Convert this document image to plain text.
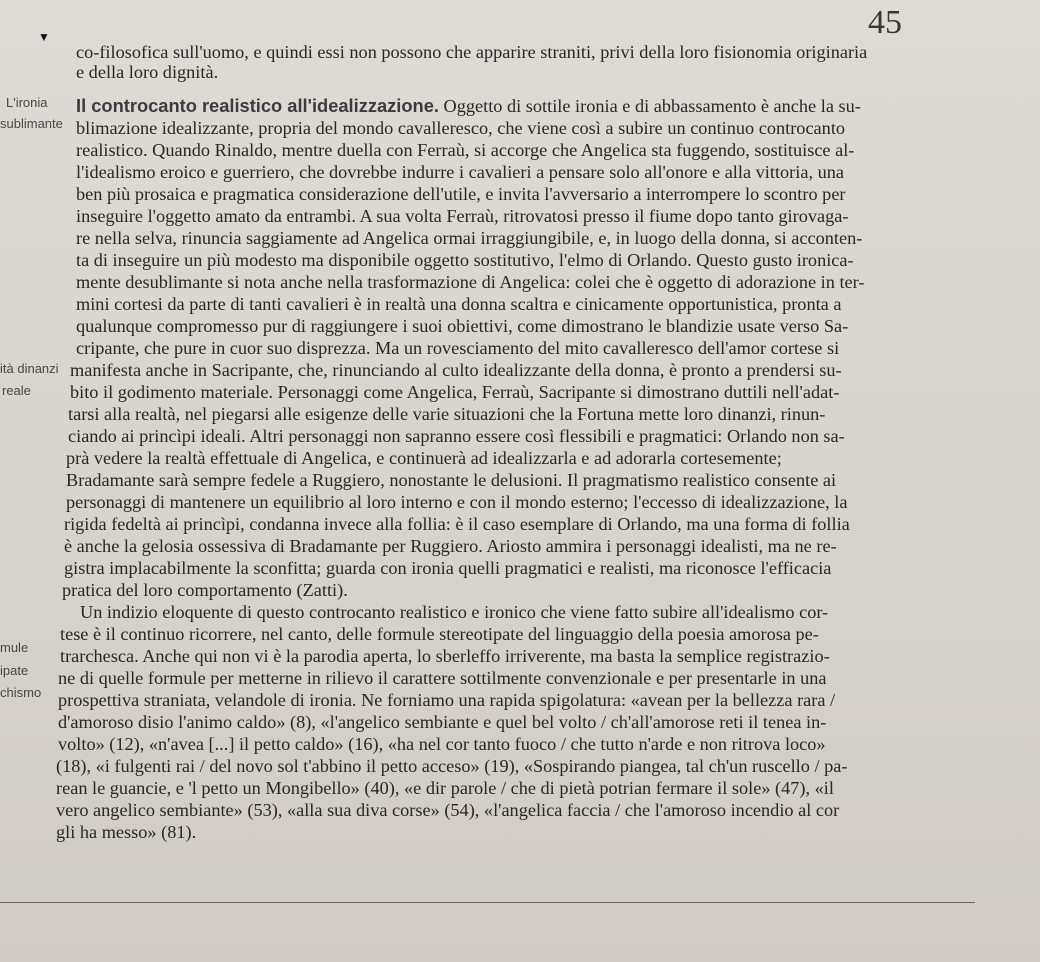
45
▼
L'ironia
sublimante
ità dinanzi
reale
mule
ipate
chismo
co-filosofica sull'uomo, e quindi essi non possono che apparire straniti, privi della loro fisionomia originaria
e della loro dignità.
Il controcanto realistico all'idealizzazione. Oggetto di sottile ironia e di abbassamento è anche la su-
blimazione idealizzante, propria del mondo cavalleresco, che viene così a subire un continuo controcanto
realistico. Quando Rinaldo, mentre duella con Ferraù, si accorge che Angelica sta fuggendo, sostituisce al-
l'idealismo eroico e guerriero, che dovrebbe indurre i cavalieri a pensare solo all'onore e alla vittoria, una
ben più prosaica e pragmatica considerazione dell'utile, e invita l'avversario a interrompere lo scontro per
inseguire l'oggetto amato da entrambi. A sua volta Ferraù, ritrovatosi presso il fiume dopo tanto girovaga-
re nella selva, rinuncia saggiamente ad Angelica ormai irraggiungibile, e, in luogo della donna, si acconten-
ta di inseguire un più modesto ma disponibile oggetto sostitutivo, l'elmo di Orlando. Questo gusto ironica-
mente desublimante si nota anche nella trasformazione di Angelica: colei che è oggetto di adorazione in ter-
mini cortesi da parte di tanti cavalieri è in realtà una donna scaltra e cinicamente opportunistica, pronta a
qualunque compromesso pur di raggiungere i suoi obiettivi, come dimostrano le blandizie usate verso Sa-
cripante, che pure in cuor suo disprezza. Ma un rovesciamento del mito cavalleresco dell'amor cortese si
manifesta anche in Sacripante, che, rinunciando al culto idealizzante della donna, è pronto a prendersi su-
bito il godimento materiale. Personaggi come Angelica, Ferraù, Sacripante si dimostrano duttili nell'adat-
tarsi alla realtà, nel piegarsi alle esigenze delle varie situazioni che la Fortuna mette loro dinanzi, rinun-
ciando ai princìpi ideali. Altri personaggi non sapranno essere così flessibili e pragmatici: Orlando non sa-
prà vedere la realtà effettuale di Angelica, e continuerà ad idealizzarla e ad adorarla cortesemente;
Bradamante sarà sempre fedele a Ruggiero, nonostante le delusioni. Il pragmatismo realistico consente ai
personaggi di mantenere un equilibrio al loro interno e con il mondo esterno; l'eccesso di idealizzazione, la
rigida fedeltà ai princìpi, condanna invece alla follia: è il caso esemplare di Orlando, ma una forma di follia
è anche la gelosia ossessiva di Bradamante per Ruggiero. Ariosto ammira i personaggi idealisti, ma ne re-
gistra implacabilmente la sconfitta; guarda con ironia quelli pragmatici e realisti, ma riconosce l'efficacia
pratica del loro comportamento (Zatti).
Un indizio eloquente di questo controcanto realistico e ironico che viene fatto subire all'idealismo cor-
tese è il continuo ricorrere, nel canto, delle formule stereotipate del linguaggio della poesia amorosa pe-
trarchesca. Anche qui non vi è la parodia aperta, lo sberleffo irriverente, ma basta la semplice registrazio-
ne di quelle formule per metterne in rilievo il carattere sottilmente convenzionale e per presentarle in una
prospettiva straniata, velandole di ironia. Ne forniamo una rapida spigolatura: «avean per la bellezza rara /
d'amoroso disio l'animo caldo» (8), «l'angelico sembiante e quel bel volto / ch'all'amorose reti il tenea in-
volto» (12), «n'avea [...] il petto caldo» (16), «ha nel cor tanto fuoco / che tutto n'arde e non ritrova loco»
(18), «i fulgenti rai / del novo sol t'abbino il petto acceso» (19), «Sospirando piangea, tal ch'un ruscello / pa-
rean le guancie, e 'l petto un Mongibello» (40), «e dir parole / che di pietà potrian fermare il sole» (47), «il
vero angelico sembiante» (53), «alla sua diva corse» (54), «l'angelica faccia / che l'amoroso incendio al cor
gli ha messo» (81).
